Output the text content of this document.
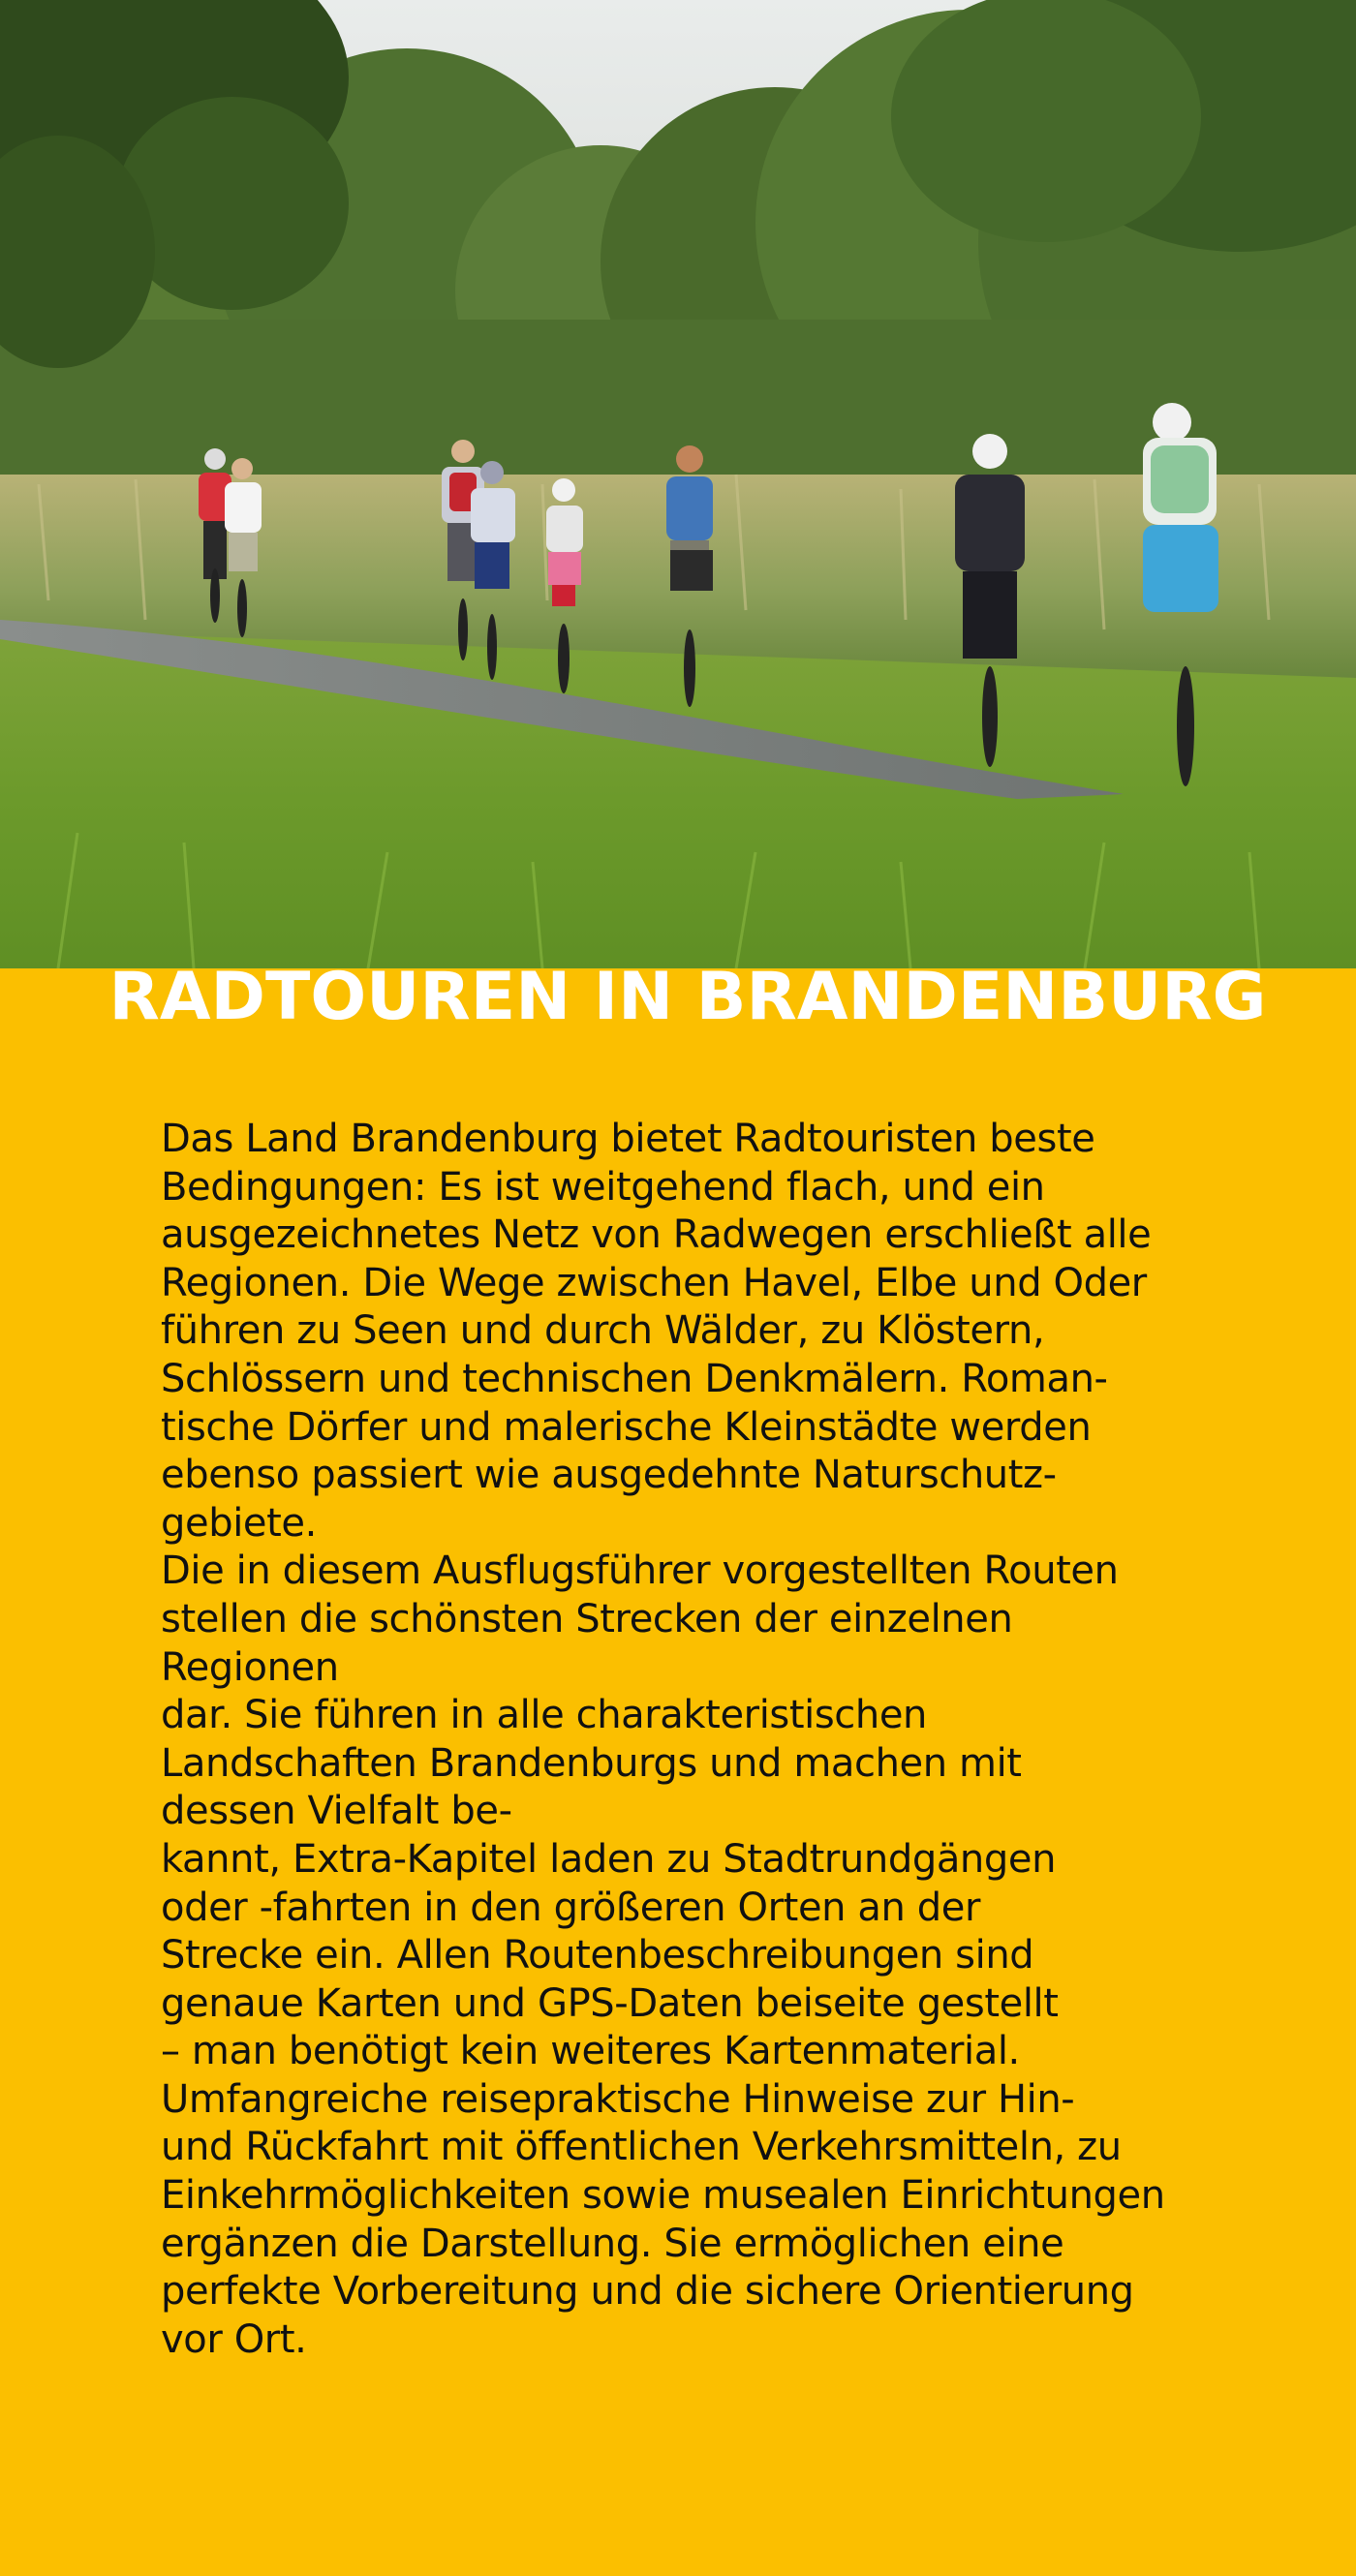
RADTOUREN IN BRANDENBURG
Das Land Brandenburg bietet Radtouristen beste
Bedingungen: Es ist weitgehend flach, und ein
ausgezeichnetes Netz von Radwegen erschließt alle
Regionen. Die Wege zwischen Havel, Elbe und Oder
führen zu Seen und durch Wälder, zu Klöstern,
Schlössern und technischen Denkmälern. Roman-
tische Dörfer und malerische Kleinstädte werden
ebenso passiert wie ausgedehnte Naturschutz-
gebiete.
Die in diesem Ausflugsführer vorgestellten Routen
stellen die schönsten Strecken der einzelnen
Regionen
dar. Sie führen in alle charakteristischen
Landschaften Brandenburgs und machen mit
dessen Vielfalt be-
kannt, Extra-Kapitel laden zu Stadtrundgängen
oder -fahrten in den größeren Orten an der
Strecke ein. Allen Routenbeschreibungen sind
genaue Karten und GPS-Daten beiseite gestellt
– man benötigt kein weiteres Kartenmaterial.
Umfangreiche reisepraktische Hinweise zur Hin-
und Rückfahrt mit öffentlichen Verkehrsmitteln, zu
Einkehrmöglichkeiten sowie musealen Einrichtungen
ergänzen die Darstellung. Sie ermöglichen eine
perfekte Vorbereitung und die sichere Orientierung
vor Ort.
